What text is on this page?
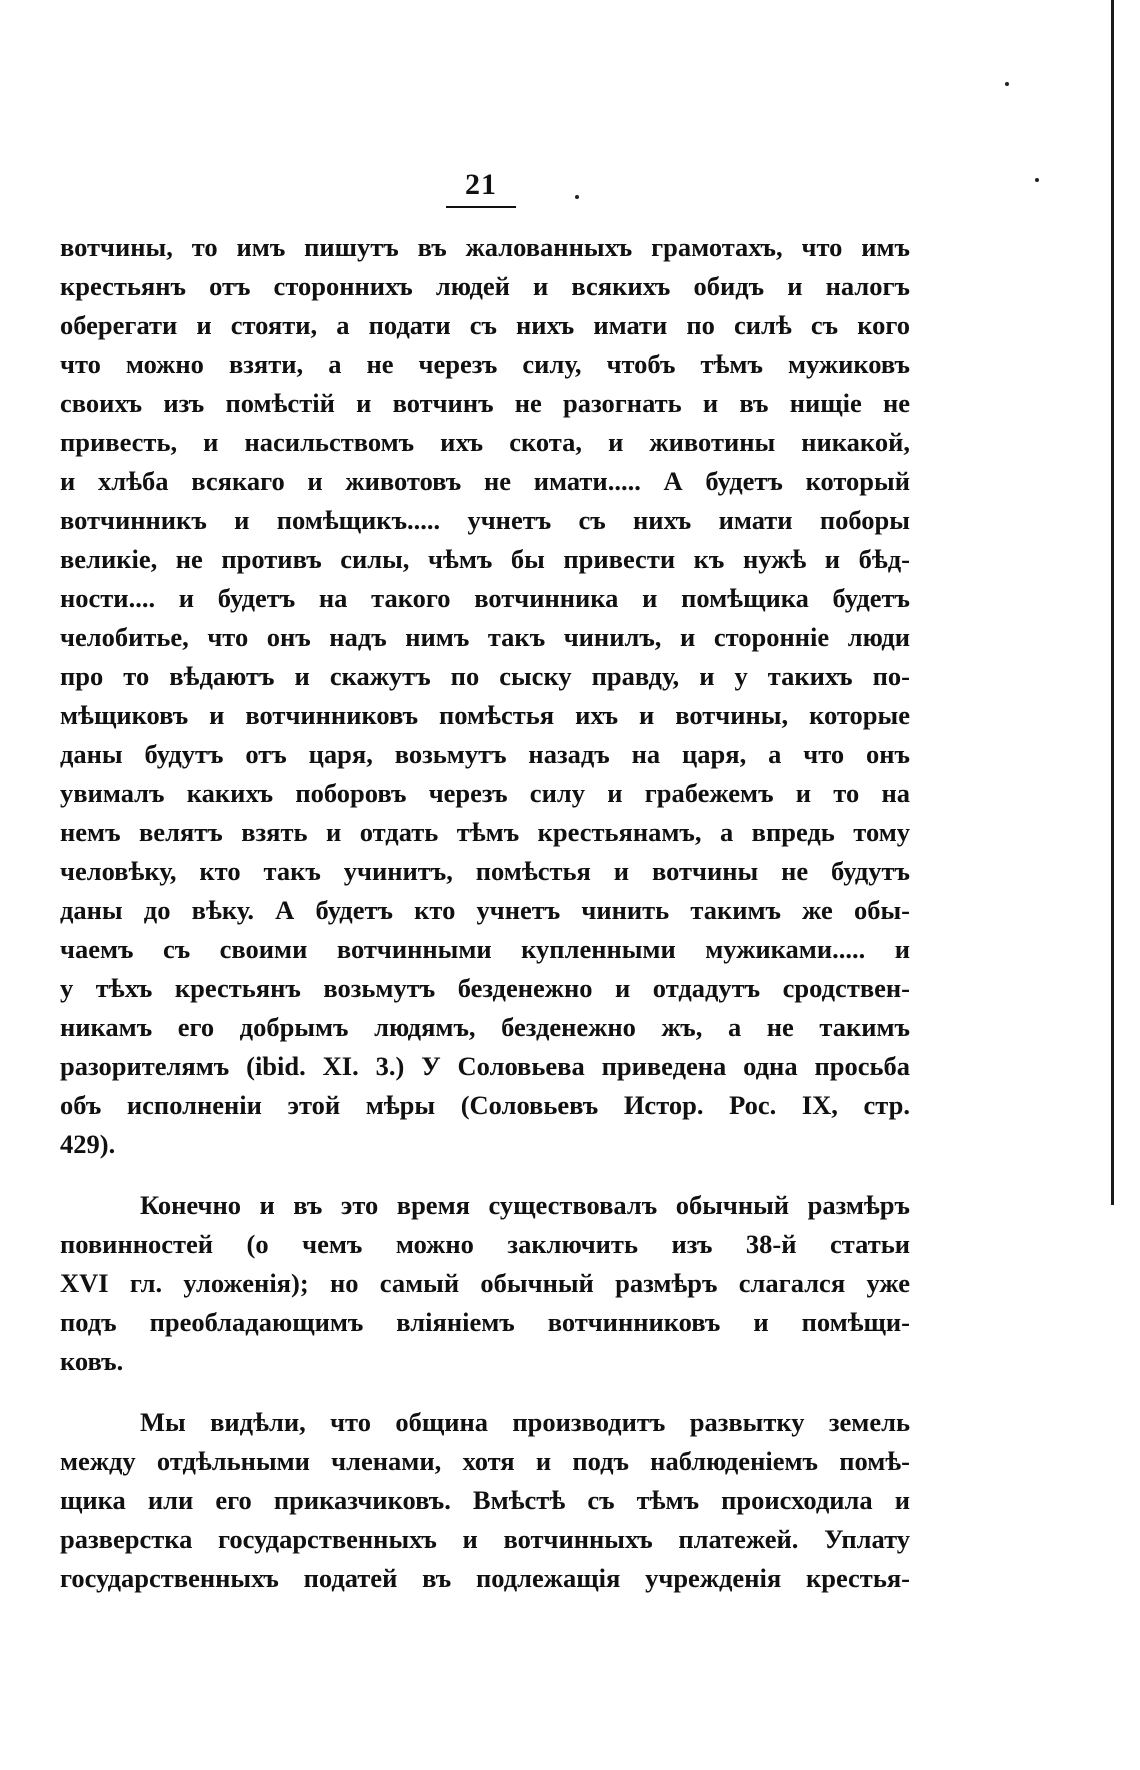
21
вотчины, то имъ пишутъ въ жалованныхъ грамотахъ, что имъ
крестьянъ отъ стороннихъ людей и всякихъ обидъ и налогъ
оберегати и стояти, а подати съ нихъ имати по силѣ съ кого
что можно взяти, а не черезъ силу, чтобъ тѣмъ мужиковъ
своихъ изъ помѣстій и вотчинъ не разогнать и въ нищіе не
привесть, и насильствомъ ихъ скота, и животины никакой,
и хлѣба всякаго и животовъ не имати..... А будетъ который
вотчинникъ и помѣщикъ..... учнетъ съ нихъ имати поборы
великіе, не противъ силы, чѣмъ бы привести къ нужѣ и бѣд-
ности.... и будетъ на такого вотчинника и помѣщика будетъ
челобитье, что онъ надъ нимъ такъ чинилъ, и сторонніе люди
про то вѣдаютъ и скажутъ по сыску правду, и у такихъ по-
мѣщиковъ и вотчинниковъ помѣстья ихъ и вотчины, которые
даны будутъ отъ царя, возьмутъ назадъ на царя, а что онъ
увималъ какихъ поборовъ черезъ силу и грабежемъ и то на
немъ велятъ взять и отдать тѣмъ крестьянамъ, а впредь тому
человѣку, кто такъ учинитъ, помѣстья и вотчины не будутъ
даны до вѣку. А будетъ кто учнетъ чинить такимъ же обы-
чаемъ съ своими вотчинными купленными мужиками..... и
у тѣхъ крестьянъ возьмутъ безденежно и отдадутъ сродствен-
никамъ его добрымъ людямъ, безденежно жъ, а не такимъ
разорителямъ (ibid. XI. 3.) У Соловьева приведена одна просьба
объ исполненіи этой мѣры (Соловьевъ Истор. Рос. IX, стр.
429).
Конечно и въ это время существовалъ обычный размѣръ
повинностей (о чемъ можно заключить изъ 38-й статьи
XVI гл. уложенія); но самый обычный размѣръ слагался уже
подъ преобладающимъ вліяніемъ вотчинниковъ и помѣщи-
ковъ.
Мы видѣли, что община производитъ развытку земель
между отдѣльными членами, хотя и подъ наблюденіемъ помѣ-
щика или его приказчиковъ. Вмѣстѣ съ тѣмъ происходила и
разверстка государственныхъ и вотчинныхъ платежей. Уплату
государственныхъ податей въ подлежащія учрежденія крестья-
